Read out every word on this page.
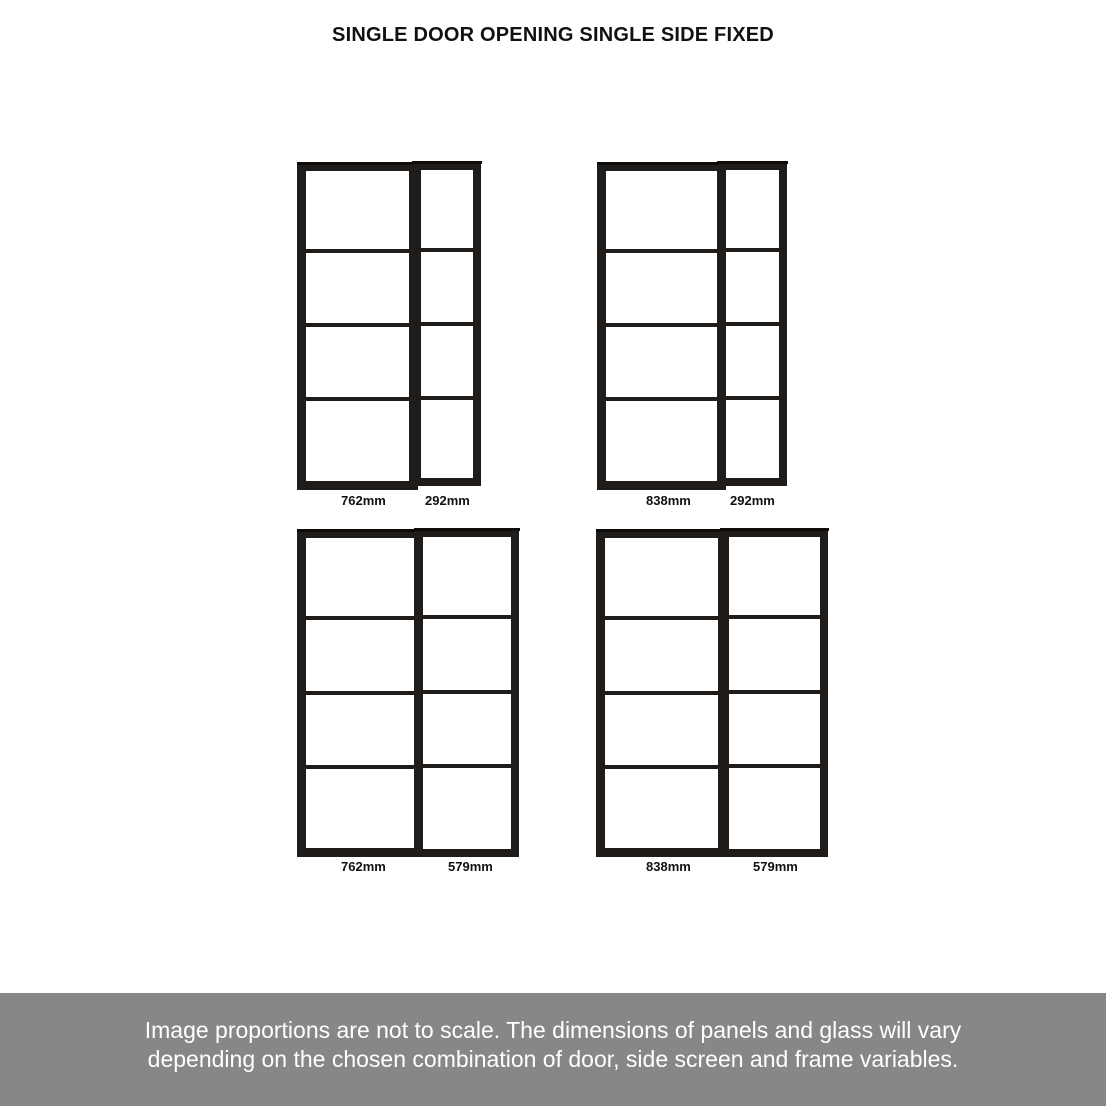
SINGLE DOOR OPENING SINGLE SIDE FIXED
762mm	292mm	838mm	292mm
762mm	579mm	838mm	579mm
Image proportions are not to scale. The dimensions of panels and glass will vary
depending on the chosen combination of door, side screen and frame variables.
